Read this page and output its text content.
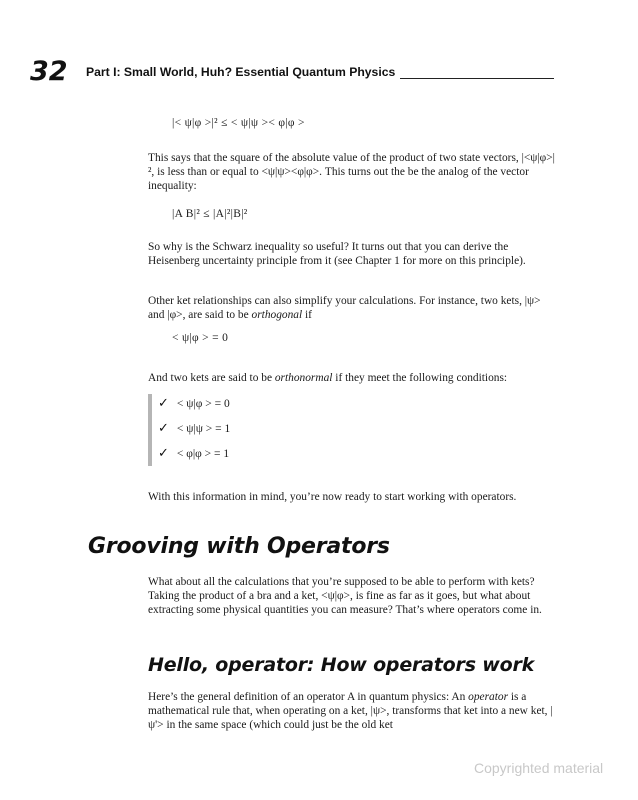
32 Part I: Small World, Huh? Essential Quantum Physics
|< ψ|φ >|² ≤ < ψ|ψ >< φ|φ >

This says that the square of the absolute value of the product of two state vectors, |<ψ|φ>|², is less than or equal to <ψ|ψ><φ|φ>. This turns out the be the analog of the vector inequality:

|A B|² ≤ |A|²|B|²

So why is the Schwarz inequality so useful? It turns out that you can derive the Heisenberg uncertainty principle from it (see Chapter 1 for more on this principle).

Other ket relationships can also simplify your calculations. For instance, two kets, |ψ> and |φ>, are said to be orthogonal if

< ψ|φ > = 0

And two kets are said to be orthonormal if they meet the following conditions:

✓ < ψ|φ > = 0
✓ < ψ|ψ > = 1
✓ < φ|φ > = 1

With this information in mind, you’re now ready to start working with operators.

Grooving with Operators

What about all the calculations that you’re supposed to be able to perform with kets? Taking the product of a bra and a ket, <ψ|φ>, is fine as far as it goes, but what about extracting some physical quantities you can measure? That’s where operators come in.

Hello, operator: How operators work

Here’s the general definition of an operator A in quantum physics: An operator is a mathematical rule that, when operating on a ket, |ψ>, transforms that ket into a new ket, |ψ'> in the same space (which could just be the old ket

Copyrighted material
